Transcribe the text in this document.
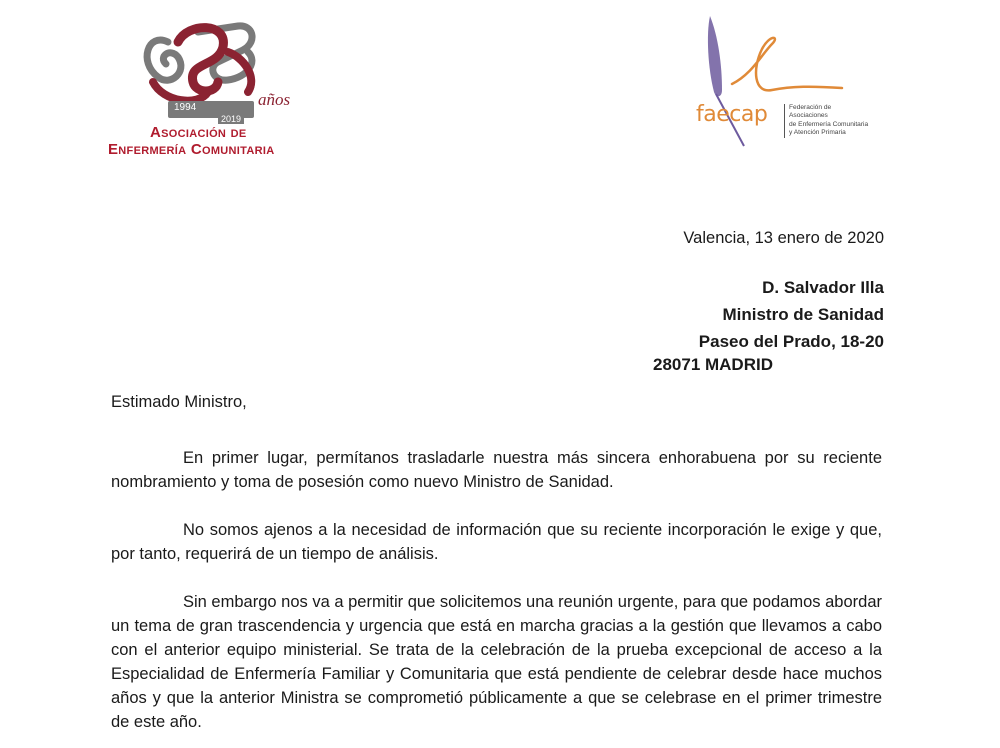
1994
2019
años
Asociación de
Enfermería Comunitaria
faecap	Federación de Asociaciones
de Enfermería Comunitaria
y Atención Primaria
Valencia, 13 enero de 2020
D. Salvador Illa
Ministro de Sanidad
Paseo del Prado, 18-20
28071 MADRID
Estimado Ministro,

En primer lugar, permítanos trasladarle nuestra más sincera enhorabuena por su reciente nombramiento y toma de posesión como nuevo Ministro de Sanidad.

No somos ajenos a la necesidad de información que su reciente incorporación le exige y que, por tanto, requerirá de un tiempo de análisis.

Sin embargo nos va a permitir que solicitemos una reunión urgente, para que podamos abordar un tema de gran trascendencia y urgencia que está en marcha gracias a la gestión que llevamos a cabo con el anterior equipo ministerial. Se trata de la celebración de la prueba excepcional de acceso a la Especialidad de Enfermería Familiar y Comunitaria que está pendiente de celebrar desde hace muchos años y que la anterior Ministra se comprometió públicamente a que se celebrase en el primer trimestre de este año.
